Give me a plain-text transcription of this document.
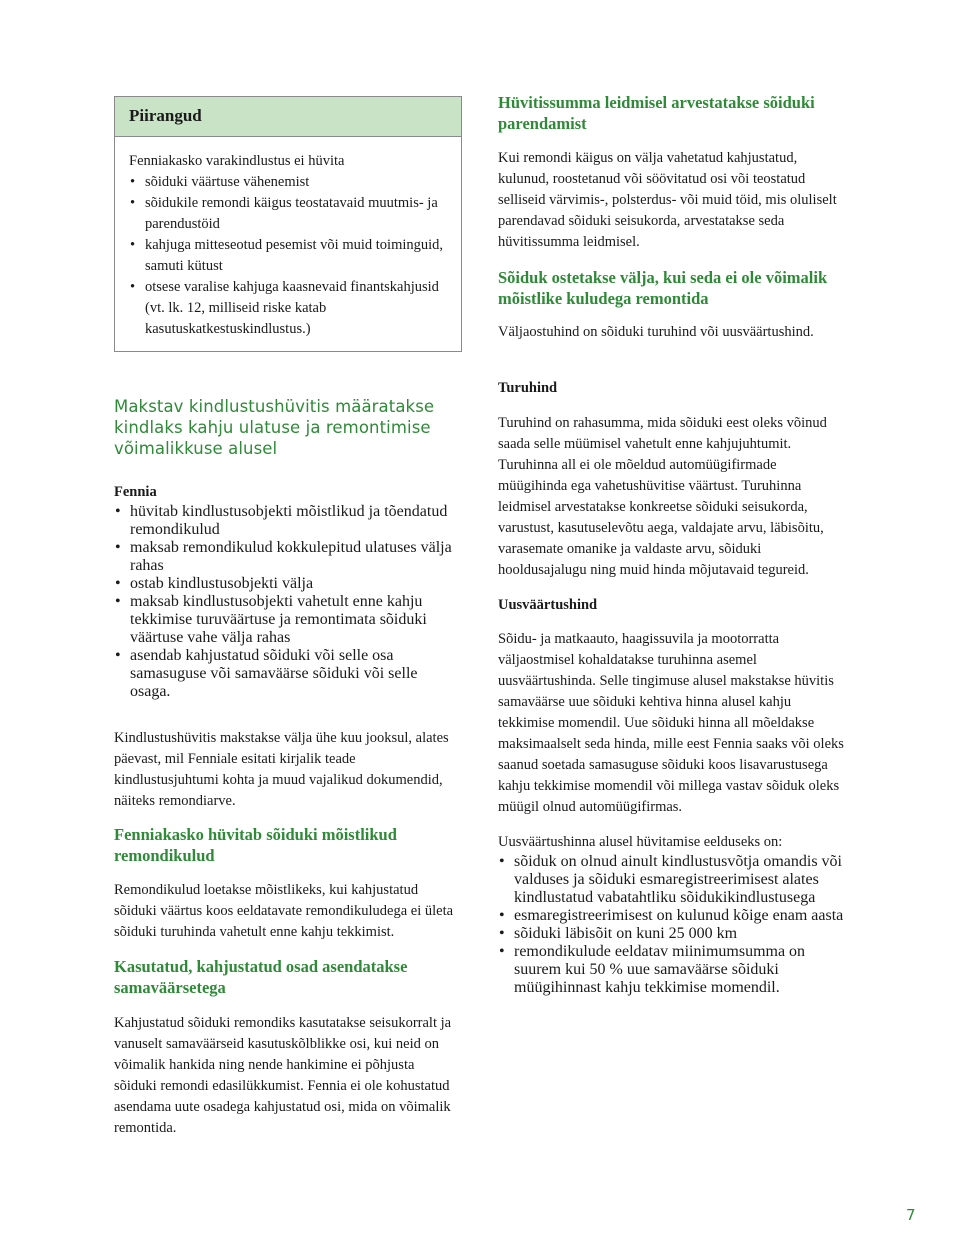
Piirangud

Fenniakasko varakindlustus ei hüvita

• sõiduki väärtuse vähenemist
• sõidukile remondi käigus teostatavaid muutmis- ja parendustöid
• kahjuga mitteseotud pesemist või muid toiminguid, samuti kütust
• otsese varalise kahjuga kaasnevaid finantskahjusid (vt. lk. 12, milliseid riske katab kasutuskatkestuskindlustus.)
Makstav kindlustushüvitis määratakse kindlaks kahju ulatuse ja remontimise võimalikkuse alusel

Fennia

• hüvitab kindlustusobjekti mõistlikud ja tõendatud remondikulud
• maksab remondikulud kokkulepitud ulatuses välja rahas
• ostab kindlustusobjekti välja
• maksab kindlustusobjekti vahetult enne kahju tekkimise turuväärtuse ja remontimata sõiduki väärtuse vahe välja rahas
• asendab kahjustatud sõiduki või selle osa samasuguse või samaväärse sõiduki või selle osaga.

Kindlustushüvitis makstakse välja ühe kuu jooksul, alates päevast, mil Fenniale esitati kirjalik teade kindlustusjuhtumi kohta ja muud vajalikud dokumendid, näiteks remondiarve.

Fenniakasko hüvitab sõiduki mõistlikud remondikulud

Remondikulud loetakse mõistlikeks, kui kahjustatud sõiduki väärtus koos eeldatavate remondikuludega ei ületa sõiduki turuhinda vahetult enne kahju tekkimist.

Kasutatud, kahjustatud osad asendatakse samaväärsetega

Kahjustatud sõiduki remondiks kasutatakse seisukorralt ja vanuselt samaväärseid kasutuskõlblikke osi, kui neid on võimalik hankida ning nende hankimine ei põhjusta sõiduki remondi edasilükkumist. Fennia ei ole kohustatud asendama uute osadega kahjustatud osi, mida on võimalik remontida.

Hüvitissumma leidmisel arvestatakse sõiduki parendamist

Kui remondi käigus on välja vahetatud kahjustatud, kulunud, roostetanud või söövitatud osi või teostatud selliseid värvimis-, polsterdus- või muid töid, mis oluliselt parendavad sõiduki seisukorda, arvestatakse seda hüvitissumma leidmisel.

Sõiduk ostetakse välja, kui seda ei ole võimalik mõistlike kuludega remontida

Väljaostuhind on sõiduki turuhind või uusväärtushind.

Turuhind

Turuhind on rahasumma, mida sõiduki eest oleks võinud saada selle müümisel vahetult enne kahjujuhtumit. Turuhinna all ei ole mõeldud automüügifirmade müügihinda ega vahetushüvitise väärtust. Turuhinna leidmisel arvestatakse konkreetse sõiduki seisukorda, varustust, kasutuselevõtu aega, valdajate arvu, läbisõitu, varasemate omanike ja valdaste arvu, sõiduki hooldusajalugu ning muid hinda mõjutavaid tegureid.

Uusväärtushind

Sõidu- ja matkaauto, haagissuvila ja mootorratta väljaostmisel kohaldatakse turuhinna asemel uusväärtushinda. Selle tingimuse alusel makstakse hüvitis samaväärse uue sõiduki kehtiva hinna alusel kahju tekkimise momendil. Uue sõiduki hinna all mõeldakse maksimaalselt seda hinda, mille eest Fennia saaks või oleks saanud soetada samasuguse sõiduki koos lisavarustusega kahju tekkimise momendil või millega vastav sõiduk oleks müügil olnud automüügifirmas.

Uusväärtushinna alusel hüvitamise eelduseks on:

• sõiduk on olnud ainult kindlustusvõtja omandis või valduses ja sõiduki esmaregistreerimisest alates kindlustatud vabatahtliku sõidukikindlustusega
• esmaregistreerimisest on kulunud kõige enam aasta
• sõiduki läbisõit on kuni 25 000 km
• remondikulude eeldatav miinimumsumma on suurem kui 50 % uue samaväärse sõiduki müügihinnast kahju tekkimise momendil.
7
